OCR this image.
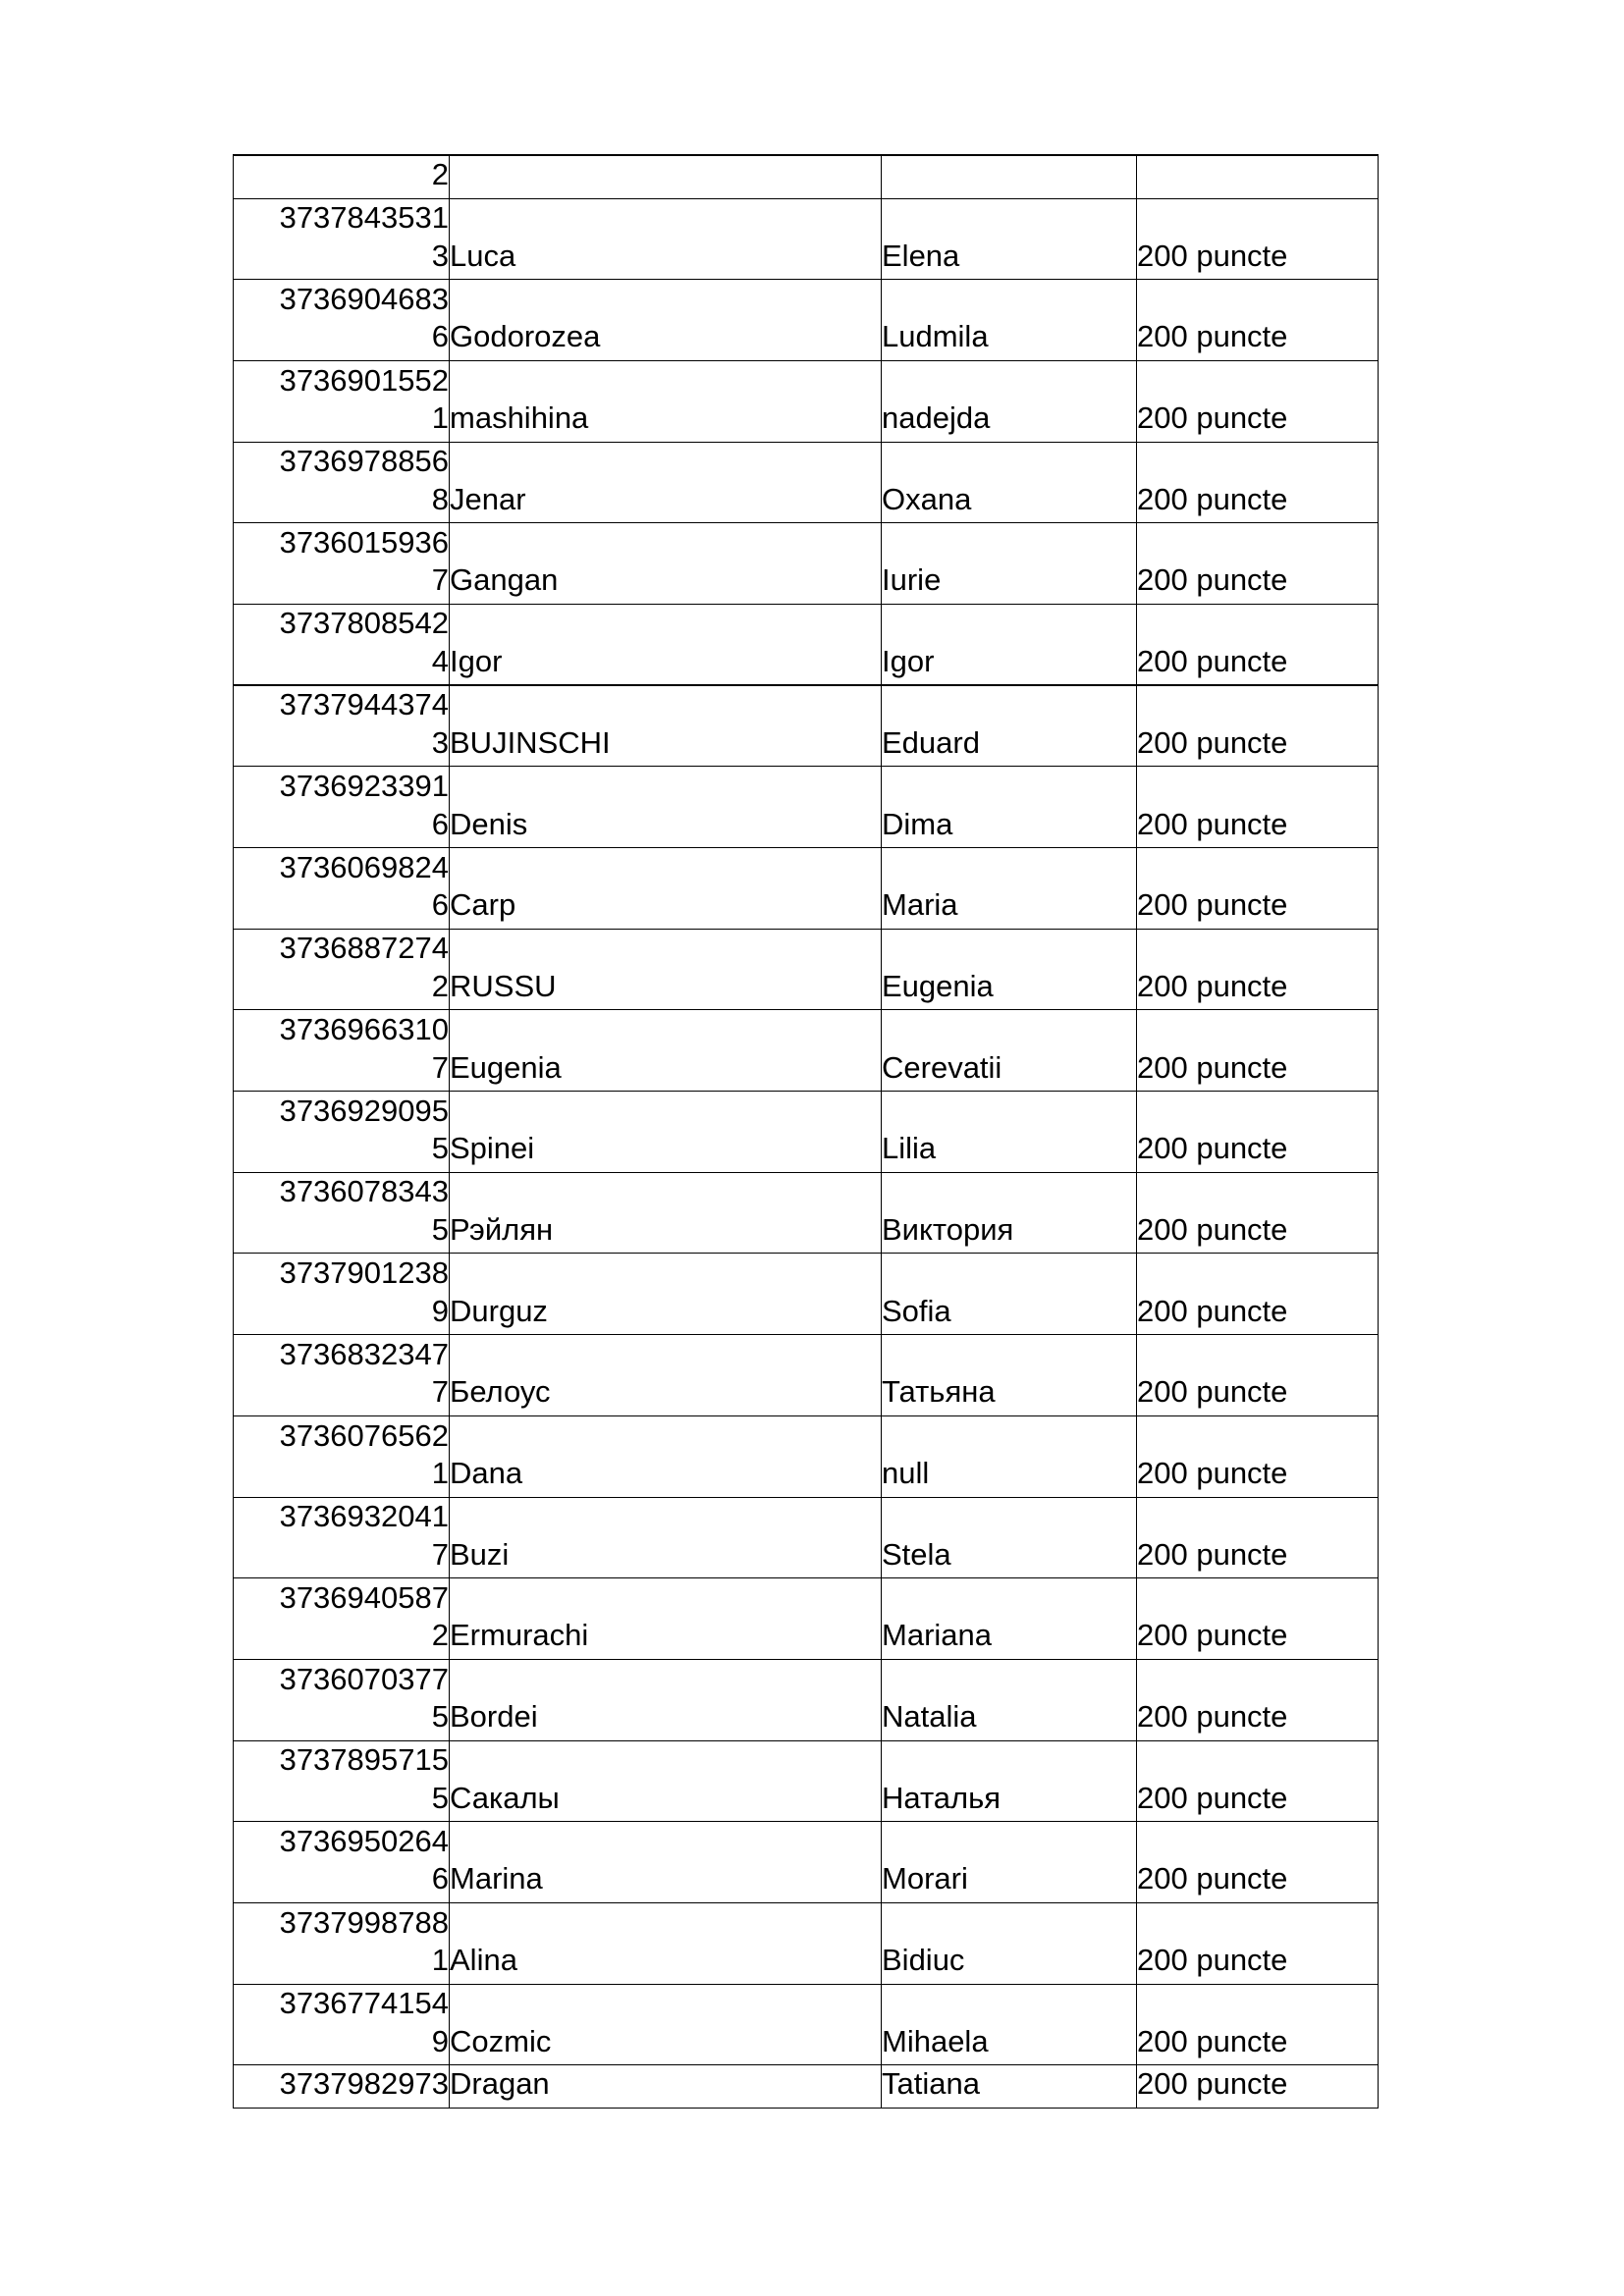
2			

3737843531
3	Luca	Elena	200 puncte

3736904683
6	Godorozea	Ludmila	200 puncte

3736901552
1	mashihina	nadejda	200 puncte

3736978856
8	Jenar	Oxana	200 puncte

3736015936
7	Gangan	Iurie	200 puncte

3737808542
4	Igor	Igor	200 puncte

3737944374
3	BUJINSCHI	Eduard	200 puncte

3736923391
6	Denis	Dima	200 puncte

3736069824
6	Carp	Maria	200 puncte

3736887274
2	RUSSU	Eugenia	200 puncte

3736966310
7	Eugenia	Cerevatii	200 puncte

3736929095
5	Spinei	Lilia	200 puncte

3736078343
5	Рэйлян	Виктория	200 puncte

3737901238
9	Durguz	Sofia	200 puncte

3736832347
7	Белоус	Татьяна	200 puncte

3736076562
1	Dana	null	200 puncte

3736932041
7	Buzi	Stela	200 puncte

3736940587
2	Ermurachi	Mariana	200 puncte

3736070377
5	Bordei	Natalia	200 puncte

3737895715
5	Сакалы	Наталья	200 puncte

3736950264
6	Marina	Morari	200 puncte

3737998788
1	Alina	Bidiuc	200 puncte

3736774154
9	Cozmic	Mihaela	200 puncte

3737982973	Dragan	Tatiana	200 puncte
